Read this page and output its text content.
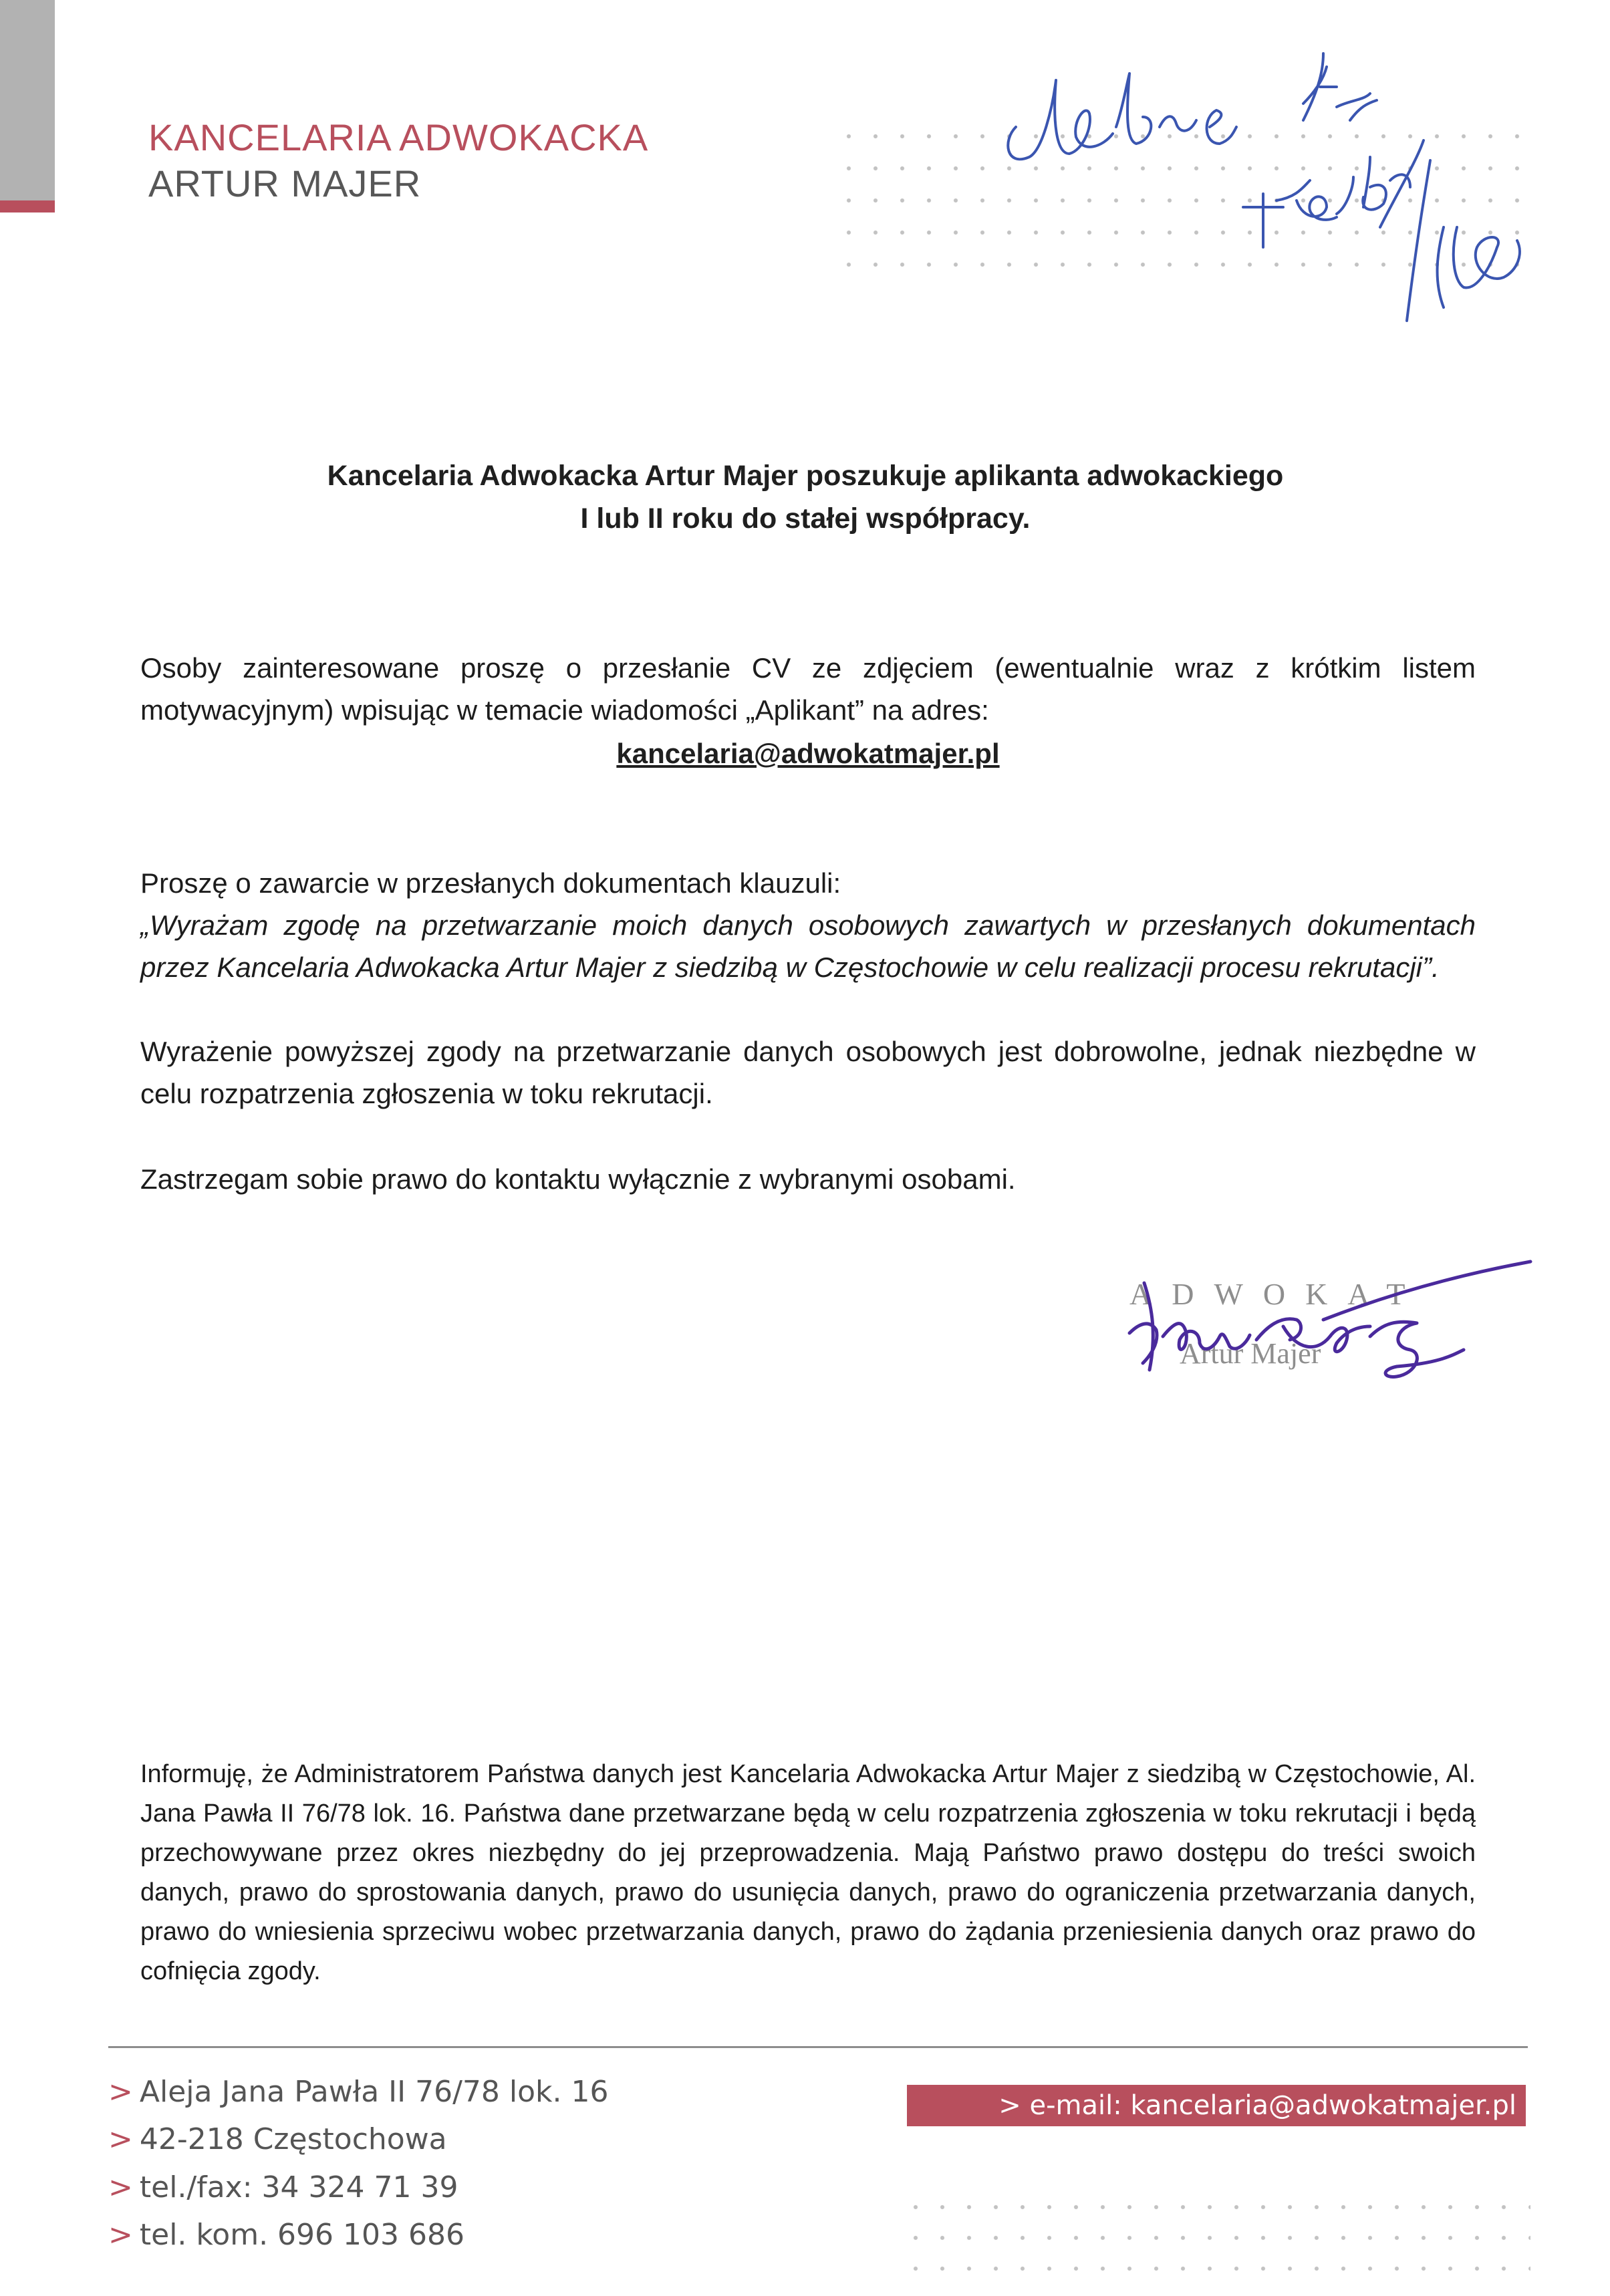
KANCELARIA ADWOKACKA
ARTUR MAJER
Kancelaria Adwokacka Artur Majer poszukuje aplikanta adwokackiego
I lub II roku do stałej współpracy.
Osoby zainteresowane proszę o przesłanie CV ze zdjęciem (ewentualnie wraz z krótkim listem motywacyjnym) wpisując w temacie wiadomości „Aplikant” na adres:
kancelaria@adwokatmajer.pl
Proszę o zawarcie w przesłanych dokumentach klauzuli:
„Wyrażam zgodę na przetwarzanie moich danych osobowych zawartych w przesłanych dokumentach przez Kancelaria Adwokacka Artur Majer z siedzibą w Częstochowie w celu realizacji procesu rekrutacji”.
Wyrażenie powyższej zgody na przetwarzanie danych osobowych jest dobrowolne, jednak niezbędne w celu rozpatrzenia zgłoszenia w toku rekrutacji.
Zastrzegam sobie prawo do kontaktu wyłącznie z wybranymi osobami.
ADWOKAT
Artur Majer
Informuję, że Administratorem Państwa danych jest Kancelaria Adwokacka Artur Majer z siedzibą w Częstochowie, Al. Jana Pawła II 76/78 lok. 16. Państwa dane przetwarzane będą w celu rozpatrzenia zgłoszenia w toku rekrutacji i będą przechowywane przez okres niezbędny do jej przeprowadzenia. Mają Państwo prawo dostępu do treści swoich danych, prawo do sprostowania danych, prawo do usunięcia danych, prawo do ograniczenia przetwarzania danych, prawo do wniesienia sprzeciwu wobec przetwarzania danych, prawo do żądania przeniesienia danych oraz prawo do cofnięcia zgody.
> Aleja Jana Pawła II 76/78 lok. 16
> 42-218 Częstochowa
> tel./fax: 34 324 71 39
> tel. kom. 696 103 686
> e-mail: kancelaria@adwokatmajer.pl
